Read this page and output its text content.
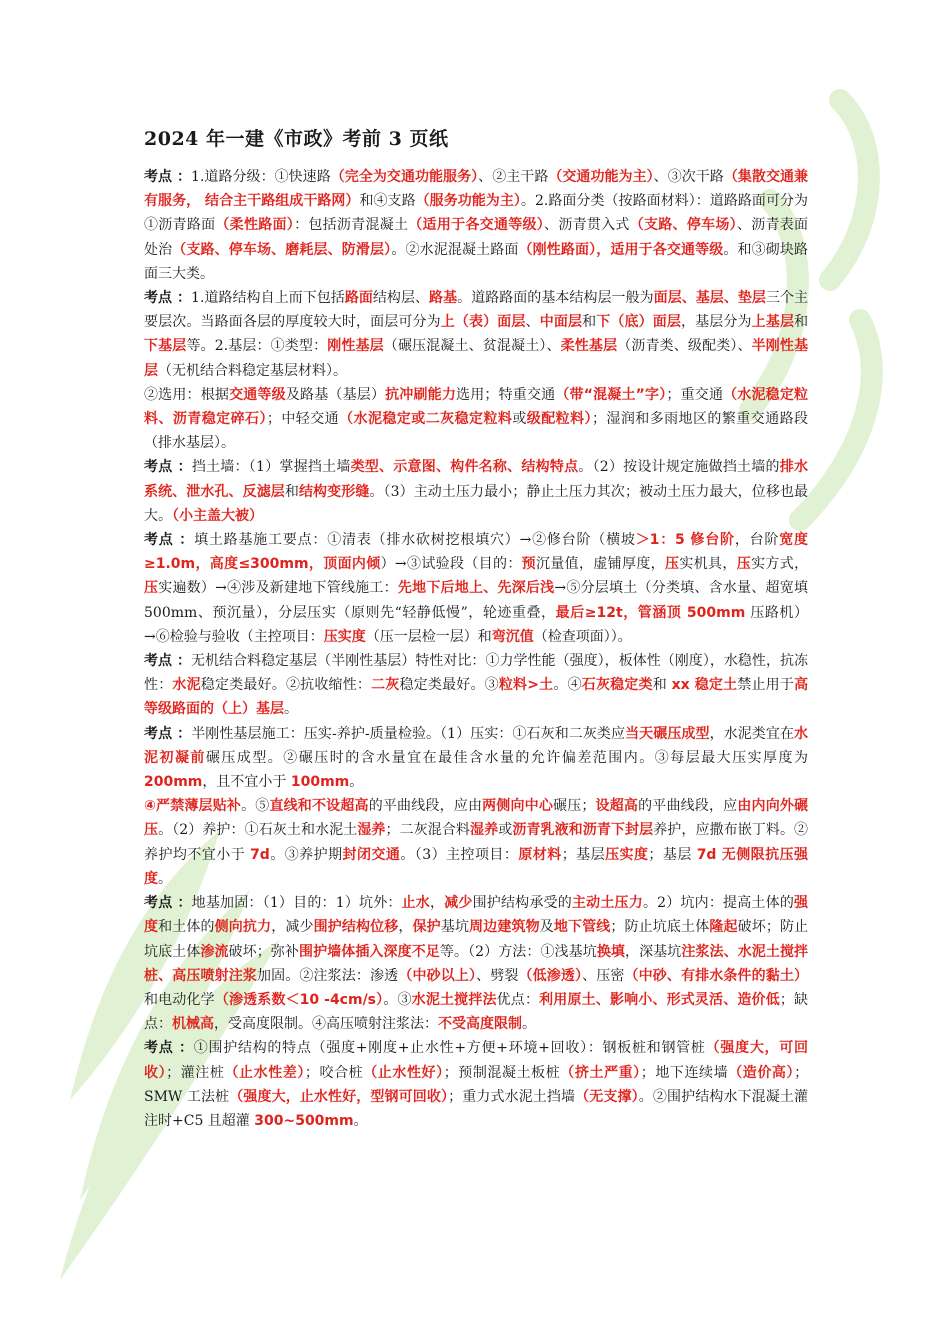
2024 年一建《市政》考前 3 页纸

考点 ：1.道路分级：①快速路（完全为交通功能服务）、②主干路（交通功能为主）、③次干路（集散交通兼有服务， 结合主干路组成干路网）和④支路（服务功能为主）。2.路面分类（按路面材料）：道路路面可分为①沥青路面（柔性路面）：包括沥青混凝土（适用于各交通等级）、沥青贯入式（支路、停车场）、沥青表面处治（支路、停车场、磨耗层、防滑层）。②水泥混凝土路面（刚性路面），适用于各交通等级。和③砌块路面三大类。

考点 ：1.道路结构自上而下包括路面结构层、路基。道路路面的基本结构层一般为面层、基层、垫层三个主要层次。当路面各层的厚度较大时，面层可分为上（表）面层、中面层和下（底）面层，基层分为上基层和下基层等。2.基层：①类型：刚性基层（碾压混凝土、贫混凝土）、柔性基层（沥青类、级配类）、半刚性基层（无机结合料稳定基层材料）。

②选用：根据交通等级及路基（基层）抗冲刷能力选用；特重交通（带“混凝土”字）；重交通（水泥稳定粒料、沥青稳定碎石）；中轻交通（水泥稳定或二灰稳定粒料或级配粒料）；湿润和多雨地区的繁重交通路段（排水基层）。

考点 ：挡土墙：（1）掌握挡土墙类型、示意图、构件名称、结构特点。（2）按设计规定施做挡土墙的排水系统、泄水孔、反滤层和结构变形缝。（3）主动土压力最小；静止土压力其次；被动土压力最大，位移也最大。（小主盖大被）

考点 ：填土路基施工要点：①清表（排水砍树挖根填穴）→②修台阶（横坡＞1：5 修台阶，台阶宽度≥1.0m，高度≤300mm，顶面内倾）→③试验段（目的：预沉量值，虚铺厚度，压实机具，压实方式，压实遍数）→④涉及新建地下管线施工：先地下后地上、先深后浅→⑤分层填土（分类填、含水量、超宽填 500mm、预沉量），分层压实（原则先“轻静低慢”，轮迹重叠，最后≥12t，管涵顶 500mm 压路机）→⑥检验与验收（主控项目：压实度（压一层检一层）和弯沉值（检查项面））。

考点 ：无机结合料稳定基层（半刚性基层）特性对比：①力学性能（强度），板体性（刚度），水稳性，抗冻性：水泥稳定类最好。②抗收缩性：二灰稳定类最好。③粒料>土。④石灰稳定类和 xx 稳定土禁止用于高等级路面的（上）基层。

考点 ：半刚性基层施工：压实-养护-质量检验。（1）压实：①石灰和二灰类应当天碾压成型，水泥类宜在水泥初凝前碾压成型。②碾压时的含水量宜在最佳含水量的允许偏差范围内。③每层最大压实厚度为 200mm，且不宜小于 100mm。

④严禁薄层贴补。⑤直线和不设超高的平曲线段，应由两侧向中心碾压；设超高的平曲线段，应由内向外碾压。（2）养护：①石灰土和水泥土湿养；二灰混合料湿养或沥青乳液和沥青下封层养护，应撒布嵌丁料。②养护均不宜小于 7d。③养护期封闭交通。（3）主控项目：原材料；基层压实度；基层 7d 无侧限抗压强度。

考点 ：地基加固：（1）目的：1）坑外：止水，减少围护结构承受的主动土压力。2）坑内：提高土体的强度和土体的侧向抗力，减少围护结构位移，保护基坑周边建筑物及地下管线；防止坑底土体隆起破坏；防止坑底土体渗流破坏；弥补围护墙体插入深度不足等。（2）方法：①浅基坑换填，深基坑注浆法、水泥土搅拌桩、高压喷射注浆加固。②注浆法：渗透（中砂以上）、劈裂（低渗透）、压密（中砂、有排水条件的黏土）和电动化学（渗透系数＜10 -4cm/s）。③水泥土搅拌法优点：利用原土、影响小、形式灵活、造价低；缺点：机械高，受高度限制。④高压喷射注浆法：不受高度限制。

考点 ：①围护结构的特点（强度+刚度+止水性+方便+环境+回收）：钢板桩和钢管桩（强度大，可回收）；灌注桩（止水性差）；咬合桩（止水性好）；预制混凝土板桩（挤土严重）；地下连续墙（造价高）；SMW 工法桩（强度大，止水性好，型钢可回收）；重力式水泥土挡墙（无支撑）。②围护结构水下混凝土灌注时+C5 且超灌 300~500mm。
